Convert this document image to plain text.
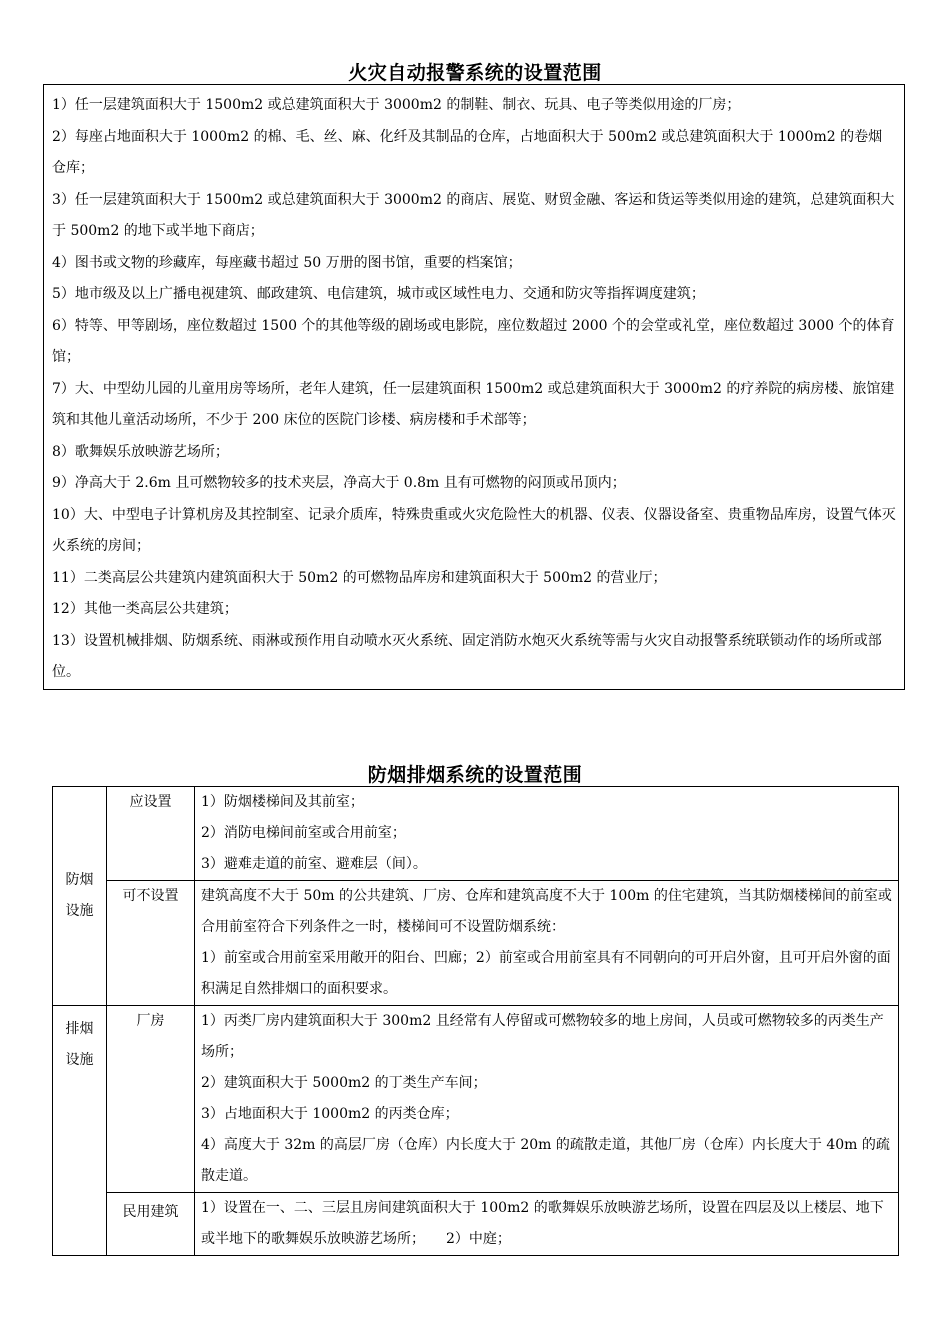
火灾自动报警系统的设置范围

1）任一层建筑面积大于 1500m2 或总建筑面积大于 3000m2 的制鞋、制衣、玩具、电子等类似用途的厂房；

2）每座占地面积大于 1000m2 的棉、毛、丝、麻、化纤及其制品的仓库，占地面积大于 500m2 或总建筑面积大于 1000m2 的卷烟仓库；

3）任一层建筑面积大于 1500m2 或总建筑面积大于 3000m2 的商店、展览、财贸金融、客运和货运等类似用途的建筑，总建筑面积大于 500m2 的地下或半地下商店；

4）图书或文物的珍藏库，每座藏书超过 50 万册的图书馆，重要的档案馆；

5）地市级及以上广播电视建筑、邮政建筑、电信建筑，城市或区域性电力、交通和防灾等指挥调度建筑；

6）特等、甲等剧场，座位数超过 1500 个的其他等级的剧场或电影院，座位数超过 2000 个的会堂或礼堂，座位数超过 3000 个的体育馆；

7）大、中型幼儿园的儿童用房等场所，老年人建筑，任一层建筑面积 1500m2 或总建筑面积大于 3000m2 的疗养院的病房楼、旅馆建筑和其他儿童活动场所，不少于 200 床位的医院门诊楼、病房楼和手术部等；

8）歌舞娱乐放映游艺场所；

9）净高大于 2.6m 且可燃物较多的技术夹层，净高大于 0.8m 且有可燃物的闷顶或吊顶内；

10）大、中型电子计算机房及其控制室、记录介质库，特殊贵重或火灾危险性大的机器、仪表、仪器设备室、贵重物品库房，设置气体灭火系统的房间；

11）二类高层公共建筑内建筑面积大于 50m2 的可燃物品库房和建筑面积大于 500m2 的营业厅；

12）其他一类高层公共建筑；

13）设置机械排烟、防烟系统、雨淋或预作用自动喷水灭火系统、固定消防水炮灭火系统等需与火灾自动报警系统联锁动作的场所或部位。

防烟排烟系统的设置范围
防烟设施	应设置	1）防烟楼梯间及其前室；
2）消防电梯间前室或合用前室；
3）避难走道的前室、避难层（间）。

	可不设置	建筑高度不大于 50m 的公共建筑、厂房、仓库和建筑高度不大于 100m 的住宅建筑，当其防烟楼梯间的前室或合用前室符合下列条件之一时，楼梯间可不设置防烟系统：
1）前室或合用前室采用敞开的阳台、凹廊；2）前室或合用前室具有不同朝向的可开启外窗，且可开启外窗的面积满足自然排烟口的面积要求。

排烟设施	厂房	1）丙类厂房内建筑面积大于 300m2 且经常有人停留或可燃物较多的地上房间，人员或可燃物较多的丙类生产场所；
2）建筑面积大于 5000m2 的丁类生产车间；
3）占地面积大于 1000m2 的丙类仓库；
4）高度大于 32m 的高层厂房（仓库）内长度大于 20m 的疏散走道，其他厂房（仓库）内长度大于 40m 的疏散走道。

	民用建筑	1）设置在一、二、三层且房间建筑面积大于 100m2 的歌舞娱乐放映游艺场所，设置在四层及以上楼层、地下或半地下的歌舞娱乐放映游艺场所；　　2）中庭；
